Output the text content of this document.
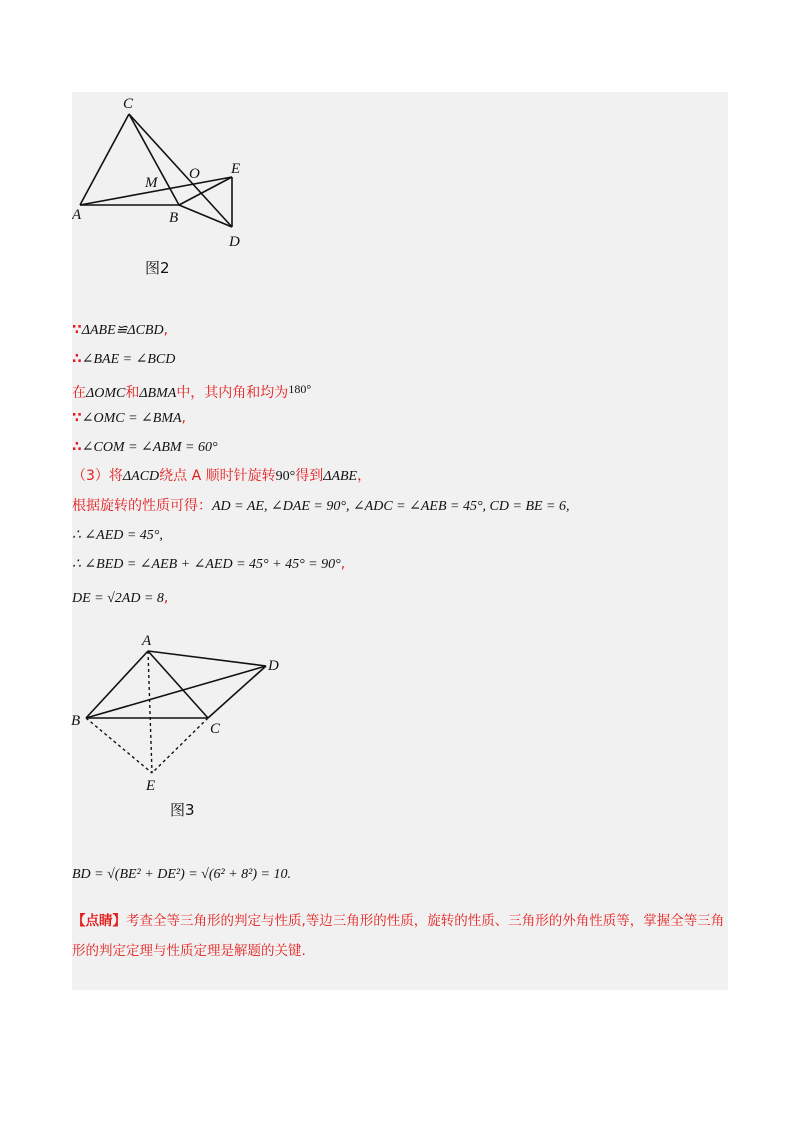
C
M
O E
A	B
D
图2
∵ΔABE≌ΔCBD,
∴∠BAE = ∠BCD
在ΔOMC和ΔBMA中，其内角和均为180°
∵∠OMC = ∠BMA,
∴∠COM = ∠ABM = 60°
（3）将ΔACD绕点 A 顺时针旋转90°得到ΔABE，
根据旋转的性质可得：AD = AE, ∠DAE = 90°, ∠ADC = ∠AEB = 45°, CD = BE = 6,
∴ ∠AED = 45°,
∴ ∠BED = ∠AEB + ∠AED = 45° + 45° = 90°,
DE = √2AD = 8,
A
D
B	C
E
图3
BD = √(BE² + DE²) = √(6² + 8²) = 10.
【点睛】考查全等三角形的判定与性质,等边三角形的性质，旋转的性质、三角形的外角性质等，掌握全等三角形的判定定理与性质定理是解题的关键.
